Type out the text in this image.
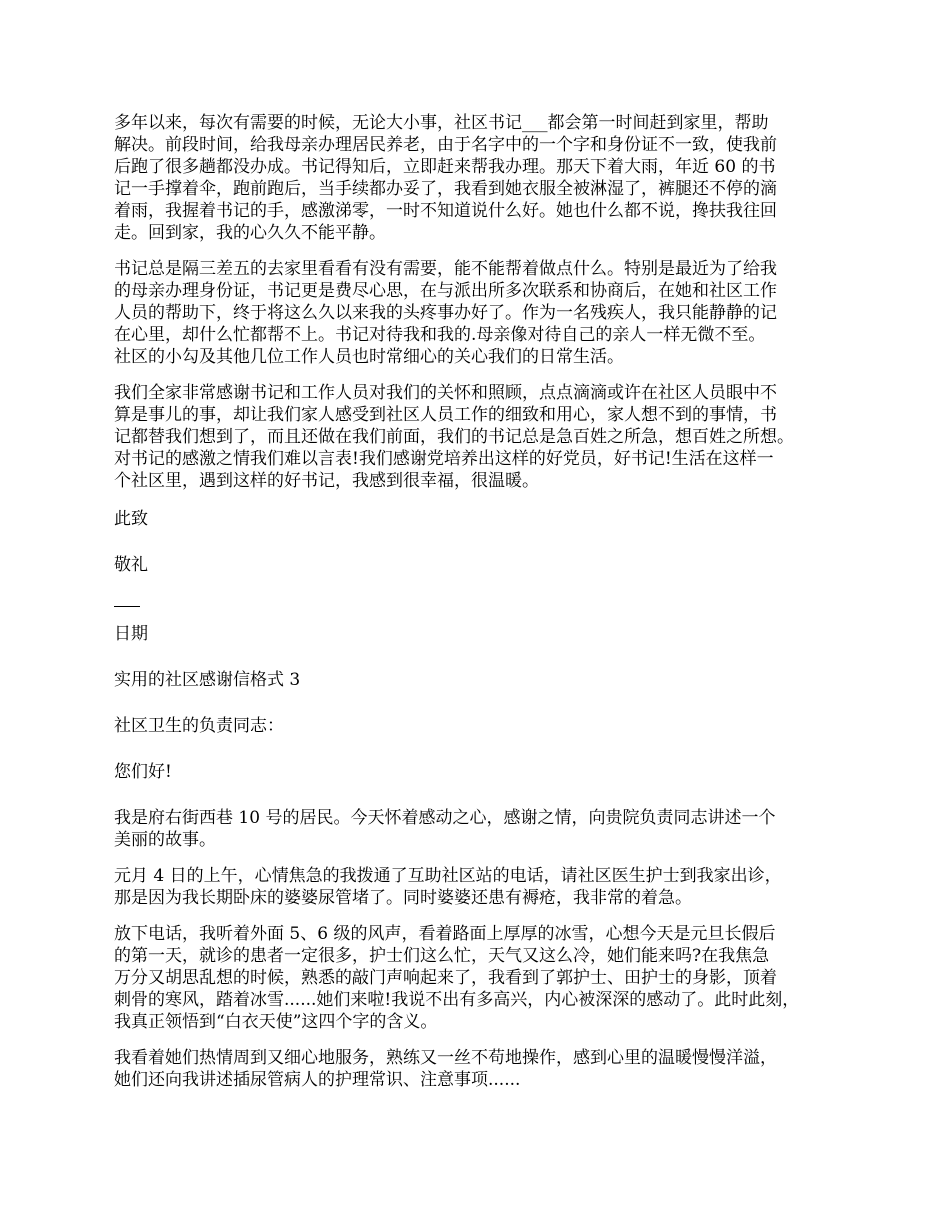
多年以来，每次有需要的时候，无论大小事，社区书记___都会第一时间赶到家里，帮助
解决。前段时间，给我母亲办理居民养老，由于名字中的一个字和身份证不一致，使我前
后跑了很多趟都没办成。书记得知后，立即赶来帮我办理。那天下着大雨，年近 60 的书
记一手撑着伞，跑前跑后，当手续都办妥了，我看到她衣服全被淋湿了，裤腿还不停的滴
着雨，我握着书记的手，感激涕零，一时不知道说什么好。她也什么都不说，搀扶我往回
走。回到家，我的心久久不能平静。
书记总是隔三差五的去家里看看有没有需要，能不能帮着做点什么。特别是最近为了给我
的母亲办理身份证，书记更是费尽心思，在与派出所多次联系和协商后，在她和社区工作
人员的帮助下，终于将这么久以来我的头疼事办好了。作为一名残疾人，我只能静静的记
在心里，却什么忙都帮不上。书记对待我和我的.母亲像对待自己的亲人一样无微不至。
社区的小勾及其他几位工作人员也时常细心的关心我们的日常生活。
我们全家非常感谢书记和工作人员对我们的关怀和照顾，点点滴滴或许在社区人员眼中不
算是事儿的事，却让我们家人感受到社区人员工作的细致和用心，家人想不到的事情，书
记都替我们想到了，而且还做在我们前面，我们的书记总是急百姓之所急，想百姓之所想。
对书记的感激之情我们难以言表!我们感谢党培养出这样的好党员，好书记!生活在这样一
个社区里，遇到这样的好书记，我感到很幸福，很温暖。
此致
敬礼
日期
实用的社区感谢信格式 3
社区卫生的负责同志：
您们好!
我是府右街西巷 10 号的居民。今天怀着感动之心，感谢之情，向贵院负责同志讲述一个
美丽的故事。
元月 4 日的上午，心情焦急的我拨通了互助社区站的电话，请社区医生护士到我家出诊，
那是因为我长期卧床的婆婆尿管堵了。同时婆婆还患有褥疮，我非常的着急。
放下电话，我听着外面 5、6 级的风声，看着路面上厚厚的冰雪，心想今天是元旦长假后
的第一天，就诊的患者一定很多，护士们这么忙，天气又这么冷，她们能来吗?在我焦急
万分又胡思乱想的时候，熟悉的敲门声响起来了，我看到了郭护士、田护士的身影，顶着
刺骨的寒风，踏着冰雪......她们来啦!我说不出有多高兴，内心被深深的感动了。此时此刻，
我真正领悟到“白衣天使”这四个字的含义。
我看着她们热情周到又细心地服务，熟练又一丝不苟地操作，感到心里的温暖慢慢洋溢，
她们还向我讲述插尿管病人的护理常识、注意事项......
